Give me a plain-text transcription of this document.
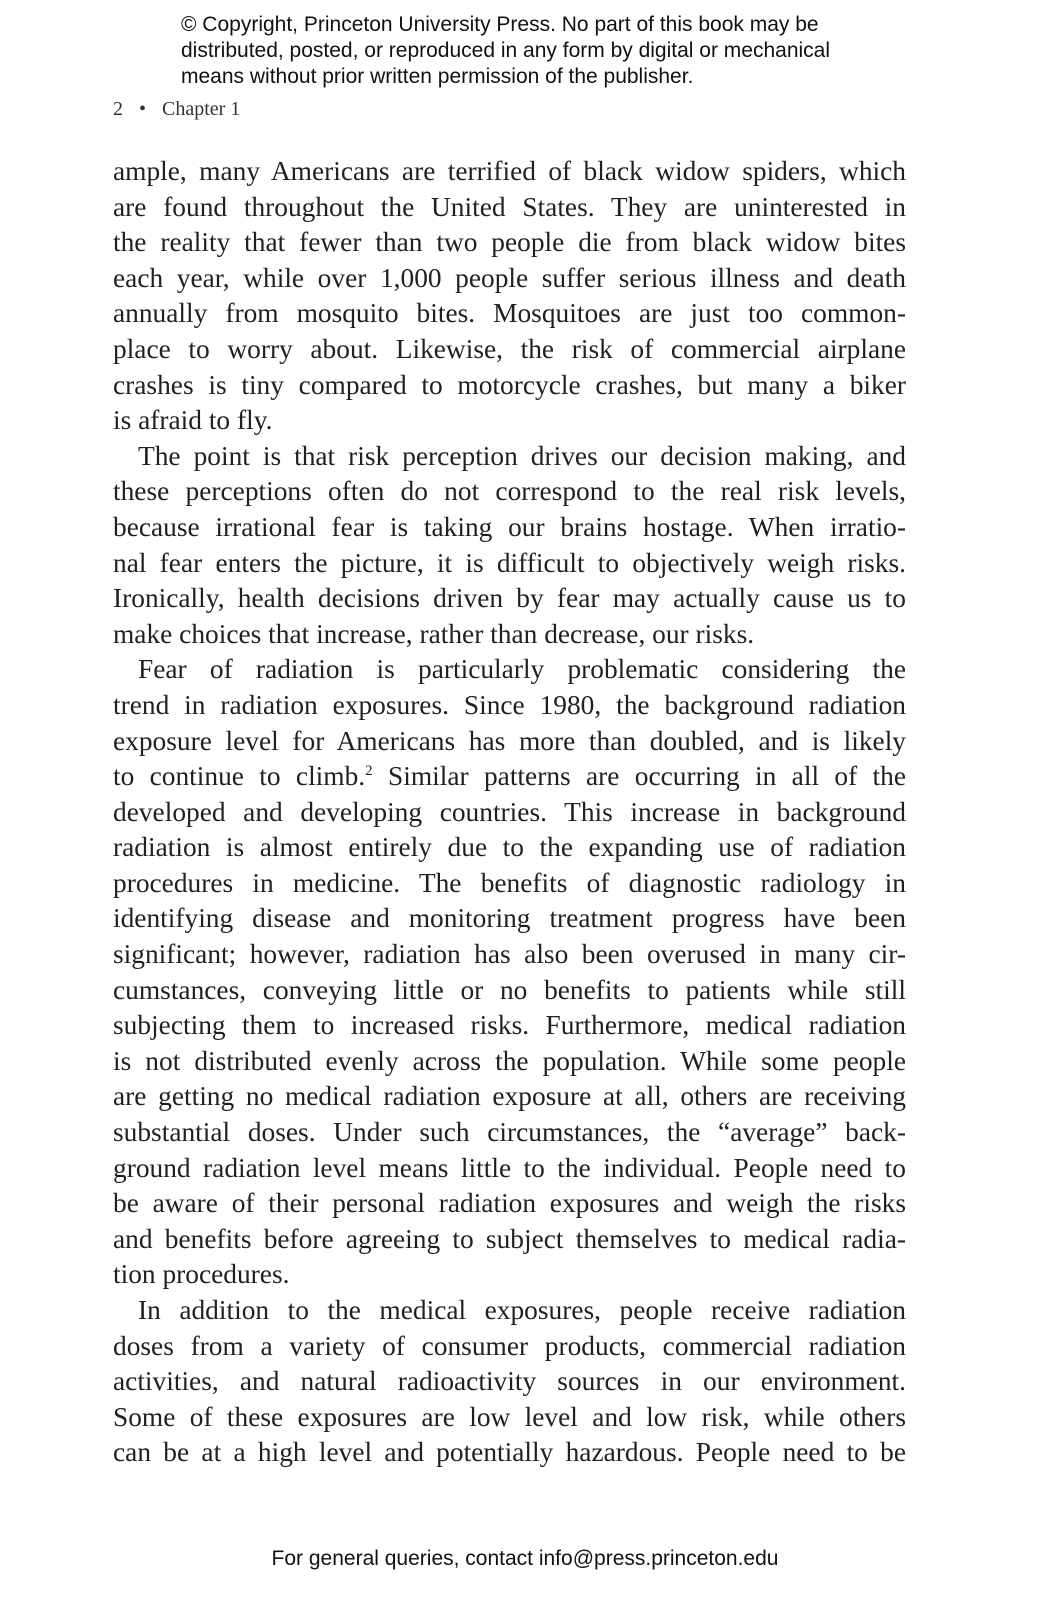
© Copyright, Princeton University Press. No part of this book may be
distributed, posted, or reproduced in any form by digital or mechanical
means without prior written permission of the publisher.
2 • Chapter 1
ample, many Americans are terrified of black widow spiders, which
are found throughout the United States. They are uninterested in
the reality that fewer than two people die from black widow bites
each year, while over 1,000 people suffer serious illness and death
annually from mosquito bites. Mosquitoes are just too common-
place to worry about. Likewise, the risk of commercial airplane
crashes is tiny compared to motorcycle crashes, but many a biker
is afraid to fly.
The point is that risk perception drives our decision making, and
these perceptions often do not correspond to the real risk levels,
because irrational fear is taking our brains hostage. When irratio-
nal fear enters the picture, it is difficult to objectively weigh risks.
Ironically, health decisions driven by fear may actually cause us to
make choices that increase, rather than decrease, our risks.
Fear of radiation is particularly problematic considering the
trend in radiation exposures. Since 1980, the background radiation
exposure level for Americans has more than doubled, and is likely
to continue to climb.$^2$ Similar patterns are occurring in all of the
developed and developing countries. This increase in background
radiation is almost entirely due to the expanding use of radiation
procedures in medicine. The benefits of diagnostic radiology in
identifying disease and monitoring treatment progress have been
significant; however, radiation has also been overused in many cir-
cumstances, conveying little or no benefits to patients while still
subjecting them to increased risks. Furthermore, medical radiation
is not distributed evenly across the population. While some people
are getting no medical radiation exposure at all, others are receiving
substantial doses. Under such circumstances, the “average” back-
ground radiation level means little to the individual. People need to
be aware of their personal radiation exposures and weigh the risks
and benefits before agreeing to subject themselves to medical radia-
tion procedures.
In addition to the medical exposures, people receive radiation
doses from a variety of consumer products, commercial radiation
activities, and natural radioactivity sources in our environment.
Some of these exposures are low level and low risk, while others
can be at a high level and potentially hazardous. People need to be
For general queries, contact info@press.princeton.edu
